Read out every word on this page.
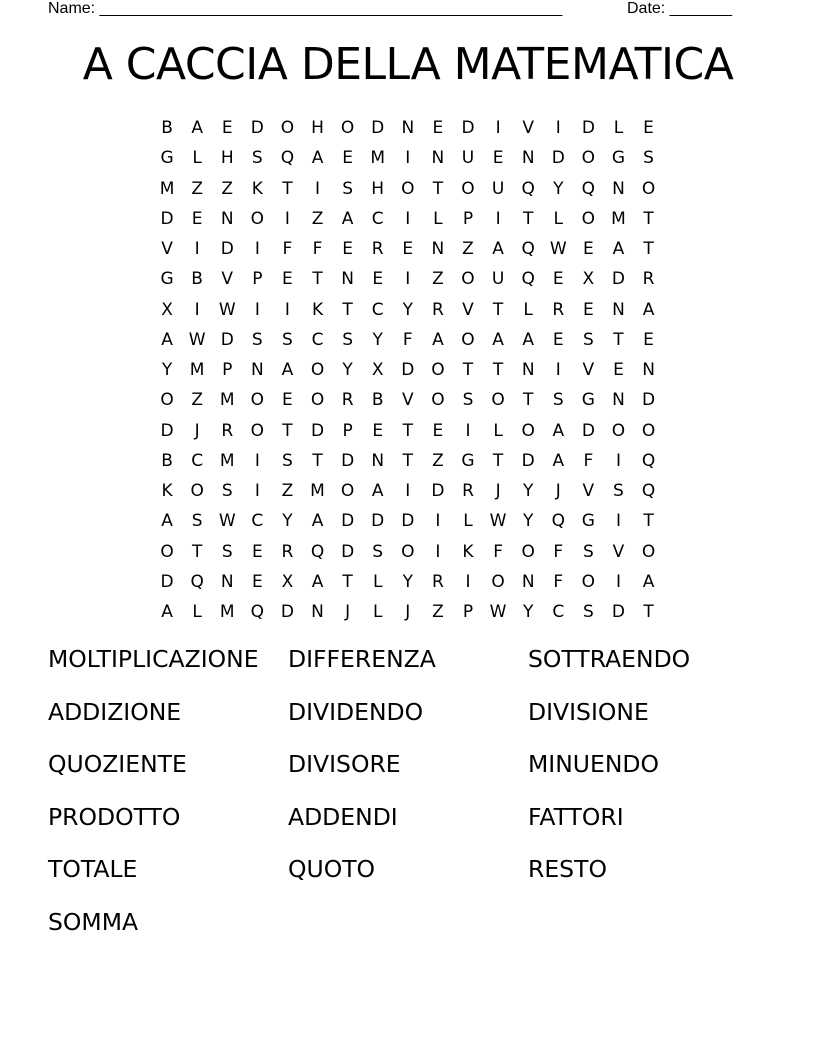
Name: ____________________________________________________	Date: _______
A CACCIA DELLA MATEMATICA
B	A	E	D O	H	O D	N	E	D	I	V	I	D	L	E
G	L	H	S	Q	A	E	M	I	N	U	E	N	D O G	S
M Z	Z	K	T	I	S	H	O	T	O	U	Q	Y	Q	N	O
D	E	N	O	I	Z	A	C	I	L	P	I	T	L	O M	T
V	I	D	I	F	F	E	R	E	N	Z	A	Q W E	A	T
G	B	V	P	E	T	N	E	I	Z	O	U	Q	E	X	D	R
X	I	W	I	I	K	T	C	Y	R	V	T	L	R	E	N	A
A W D	S	S	C	S	Y	F	A	O	A	A	E	S	T	E
Y	M	P	N	A	O	Y	X	D O	T	T	N	I	V	E	N
O	Z M O	E	O	R	B	V	O	S	O	T	S	G	N	D
D	J	R	O	T	D	P	E	T	E	I	L	O	A	D O O
B	C M	I	S	T	D	N	T	Z	G	T	D	A	F	I	Q
K	O	S	I	Z M O	A	I	D	R	J	Y	J	V	S	Q
A	S W C	Y	A	D	D	D	I	L W Y	Q G	I	T
O	T	S	E	R	Q D	S	O	I	K	F	O	F	S	V	O
D Q	N	E	X	A	T	L	Y	R	I	O	N	F	O	I	A
A	L	M Q D	N	J	L	J	Z	P W Y	C	S	D	T
MOLTIPLICAZIONE	DIFFERENZA	SOTTRAENDO
ADDIZIONE	DIVIDENDO	DIVISIONE
QUOZIENTE	DIVISORE	MINUENDO
PRODOTTO	ADDENDI	FATTORI
TOTALE	QUOTO	RESTO
SOMMA
